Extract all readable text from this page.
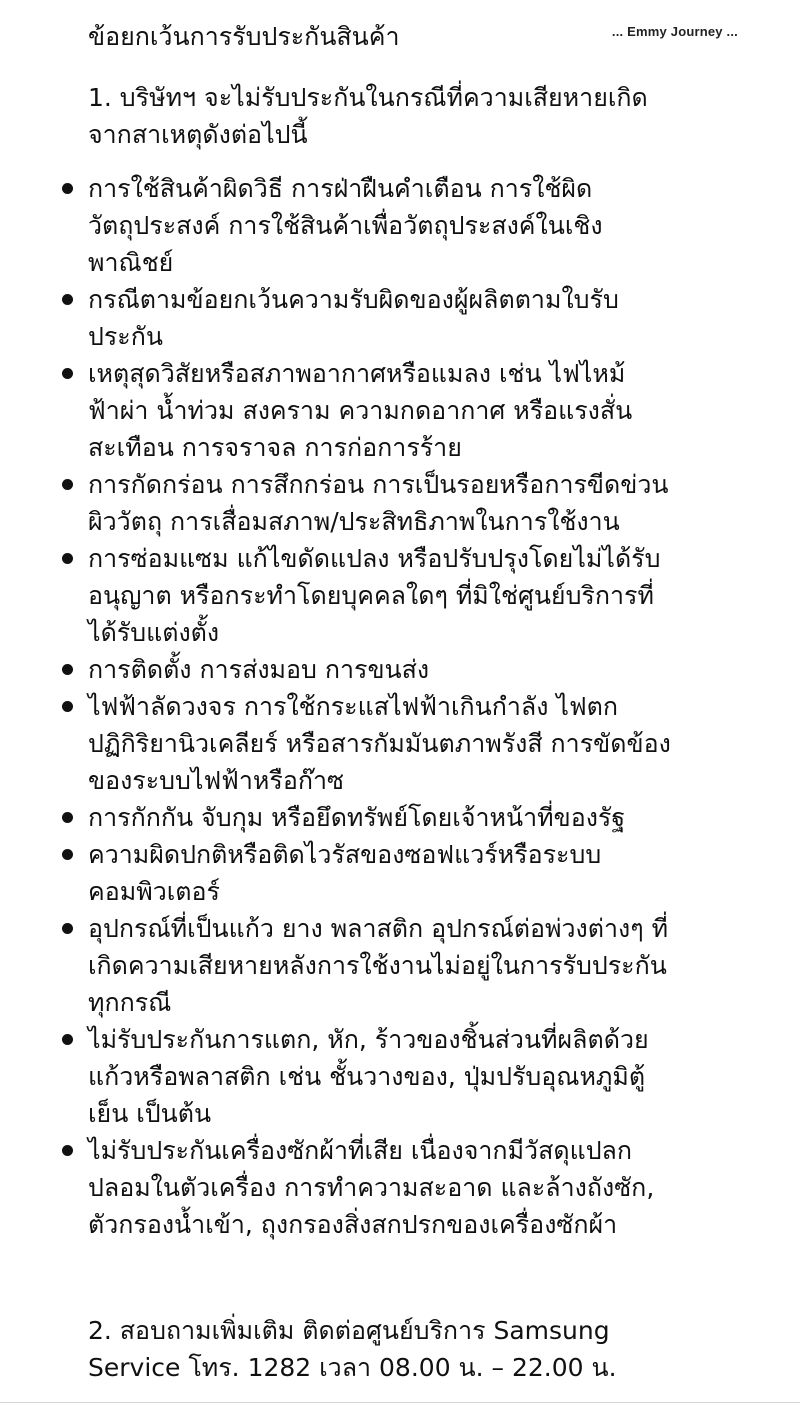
... Emmy Journey ...
ข้อยกเว้นการรับประกันสินค้า

1. บริษัทฯ จะไม่รับประกันในกรณีที่ความเสียหายเกิดจากสาเหตุดังต่อไปนี้

การใช้สินค้าผิดวิธี การฝ่าฝืนคำเตือน การใช้ผิดวัตถุประสงค์ การใช้สินค้าเพื่อวัตถุประสงค์ในเชิงพาณิชย์
กรณีตามข้อยกเว้นความรับผิดของผู้ผลิตตามใบรับประกัน
เหตุสุดวิสัยหรือสภาพอากาศหรือแมลง เช่น ไฟไหม้ ฟ้าผ่า น้ำท่วม สงคราม ความกดอากาศ หรือแรงสั่นสะเทือน การจราจล การก่อการร้าย
การกัดกร่อน การสึกกร่อน การเป็นรอยหรือการขีดข่วนผิววัตถุ การเสื่อมสภาพ/ประสิทธิภาพในการใช้งาน
การซ่อมแซม แก้ไขดัดแปลง หรือปรับปรุงโดยไม่ได้รับอนุญาต หรือกระทำโดยบุคคลใดๆ ที่มิใช่ศูนย์บริการที่ได้รับแต่งตั้ง
การติดตั้ง การส่งมอบ การขนส่ง
ไฟฟ้าลัดวงจร การใช้กระแสไฟฟ้าเกินกำลัง ไฟตก ปฏิกิริยานิวเคลียร์ หรือสารกัมมันตภาพรังสี การขัดข้องของระบบไฟฟ้าหรือก๊าซ
การกักกัน จับกุม หรือยึดทรัพย์โดยเจ้าหน้าที่ของรัฐ
ความผิดปกติหรือติดไวรัสของซอฟแวร์หรือระบบคอมพิวเตอร์
อุปกรณ์ที่เป็นแก้ว ยาง พลาสติก อุปกรณ์ต่อพ่วงต่างๆ ที่เกิดความเสียหายหลังการใช้งานไม่อยู่ในการรับประกันทุกกรณี
ไม่รับประกันการแตก, หัก, ร้าวของชิ้นส่วนที่ผลิตด้วยแก้วหรือพลาสติก เช่น ชั้นวางของ, ปุ่มปรับอุณหภูมิตู้เย็น เป็นต้น
ไม่รับประกันเครื่องซักผ้าที่เสีย เนื่องจากมีวัสดุแปลกปลอมในตัวเครื่อง การทำความสะอาด และล้างถังซัก, ตัวกรองน้ำเข้า, ถุงกรองสิ่งสกปรกของเครื่องซักผ้า

2. สอบถามเพิ่มเติม ติดต่อศูนย์บริการ Samsung Service โทร. 1282 เวลา 08.00 น. – 22.00 น.
